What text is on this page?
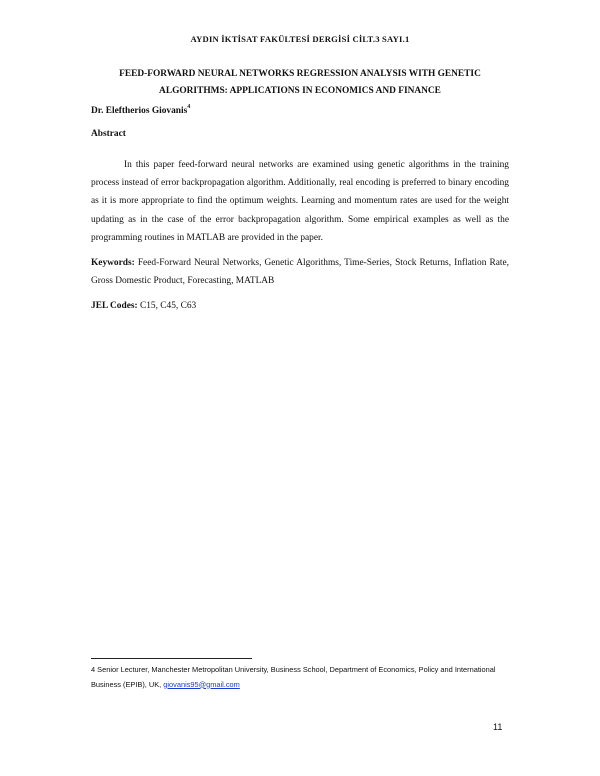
AYDIN İKTİSAT FAKÜLTESİ DERGİSİ CİLT.3 SAYI.1
FEED-FORWARD NEURAL NETWORKS REGRESSION ANALYSIS WITH GENETIC
ALGORITHMS: APPLICATIONS IN ECONOMICS AND FINANCE
Dr. Eleftherios Giovanis$^4$
Abstract
In this paper feed-forward neural networks are examined using genetic algorithms in the training process instead of error backpropagation algorithm. Additionally, real encoding is preferred to binary encoding as it is more appropriate to find the optimum weights. Learning and momentum rates are used for the weight updating as in the case of the error backpropagation algorithm. Some empirical examples as well as the programming routines in MATLAB are provided in the paper.
Keywords: Feed-Forward Neural Networks, Genetic Algorithms, Time-Series, Stock Returns, Inflation Rate, Gross Domestic Product, Forecasting, MATLAB
JEL Codes: C15, C45, C63
4 Senior Lecturer, Manchester Metropolitan University, Business School, Department of Economics, Policy and International Business (EPIB), UK, giovanis95@gmail.com
11
